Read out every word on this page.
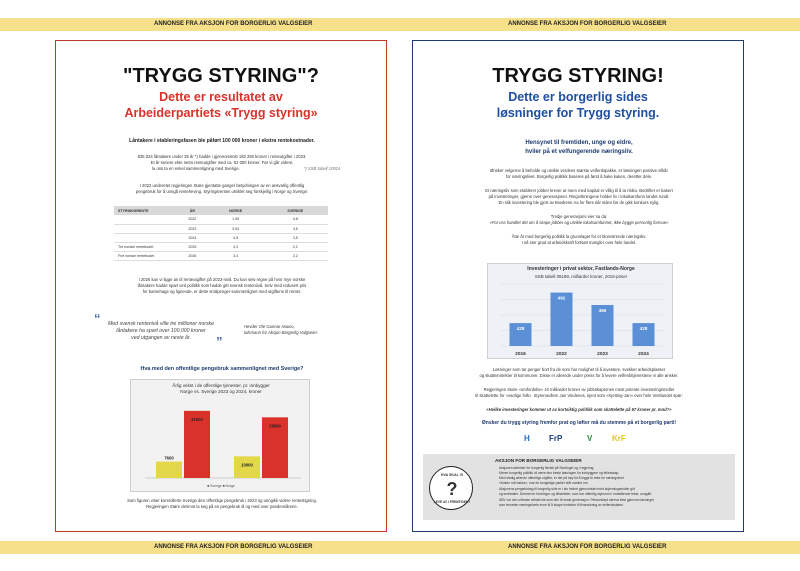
ANNONSE FRA AKSJON FOR BORGERLIG VALGSEIER	ANNONSE FRA AKSJON FOR BORGERLIG VALGSEIER
ANNONSE FRA AKSJON FOR BORGERLIG VALGSEIER	ANNONSE FRA AKSJON FOR BORGERLIG VALGSEIER
"TRYGG STYRING"?
Dette er resultatet av
Arbeiderpartiets «Trygg styring»
Låntakere i etableringsfasen ble påført 100 000 kroner i ekstra rentekostnader.
835 024 låntakere under 35 år *) hadde i gjennomsnitt 183 250 kroner i renteutgifter i 2023.
Et år senere ekte netto renteutgifter med ca. 52 000 kroner. Før vi går videre,
la oss ta en enkel sammenligning med Sverige.	*) SSB tabell 10924
I 2022 underetet regjeringen Støre gjentatte ganger betydningen av en ansvarlig offentlig
pengebruk for å unngå renteheving. Styringsrenten utviklet seg forskjellig i Norge og Sverige:
STYRINGSRENTE	ÅR	NORGE	SVERIGE
	2022	1,55	0,8
	2023	3,54	3,5
	2024	4,5	3,5
Tre norske rentebudet	2025	4,3	2,2
Fire norske rentebudet	2026	3,4	2,2
I 2026 kan vi ligge an til renteutgifter på 2023-nivå. Du kan selv regne på hvor mye norske
låntakere hadde spart ved politikk som hadde gitt svensk renteniivå. Selv med redusert pris
for barnehage og lignende, er dette småpenger sammenlignet med utgiftene til renter.
“	Med svensk rentenivå ville tre millioner norske
låntakere ha spart over 100.000 kroner
ved utgangen av neste år.	”
Hevder Ole Gunnar Hauso,
talsmann for Aksjon Borgerlig Valgseier.
Hva med den offentlige pengebruk sammenlignet med Sverige?
Årlig vekst i de offentlige tjenester, pr. innbygger
Norge vs. Sverige 2023 og 2024, kroner
7600
31000
10000
28000
■ Sverige ■ Norge
Som figuren viser kontrollerte Sverige den offentlige pengebruk i 2023 og unngikk videre rentestigning.
Regjeringen Støre derimot la seg på en pengebruk til og med over pandemiårene.
TRYGG STYRING!
Dette er borgerlig sides
løsninger for Trygg styring.
Hensynet til fremtiden, unge og eldre,
hviler på et velfungerende næringsliv.
Ønsker velgerne å beholde og utvikle verdens største velferdspakke, er løsningen positive vilkår
for næringslivet. Borgerlig politikk baseres på først å bake kaken, deretter dele.
Et næringsliv som etablerer jobber krever at noen med kapital er villig til å ta risiko. Bedrifter er basert
på investeringer, gjerne over generasjoner. Ringvirkningene holder liv i lokalsamfunn landet rundt.
En slik investering ble gjort av Brødrene Aa for flere tiår siden før de gikk konkurs nylig.
Tredje generasjons eier sa da:
«For oss handlet det om å skape jobber og utvikle lokalsamfunnet, ikke bygge personlig formue»
Åtte år med borgerlig politikk la grunnlaget for et blomstrende næringsliv.
I så stor grad at arbeidskraft fortsatt mangler over hele landet.
Investeringer i privat sektor, Fastlands-Norge
SSB tabell 09189, milliarder kroner, 2015-priser
428
2016
492
2022
466
2023
428
2024
Løsninger som tar penger bort fra de som har mulighet til å investere, svekker arbeidsplasser
og skatteinntekter til kommuner. Disse er allerede under press for å levere velferdstjenestene vi alle ønsker.
Regjeringen Støre «omfordelte» 10 milliarder kroner av jobbskapernes mest potente investeringsmidler
til skattelette for «vanlige folk». Styremedlem Jan Vindenes, kjent som «Kjetting-Jan» over hele Vestlandet spør:
«Hvilke investeringer kommer ut av kortsiktig politikk som skattelette på 57 kroner pr. mnd?»
Ønsker du trygg styring fremfor prat og løfter må du stemme på et borgerlig parti!
H FrP	V KrF
AKSJON FOR BORGERLIG VALGSEIER
Aksjonen arbeider for borgerlig flertall på Stortinget og i regjering.
Mener borgerlig politikk vil være den beste løsningen for innbyggere og fellesskap.
Med stadig økende offentlige utgifter, er det på høy tid å legge til rette for næringslivet.
«Kaken må bakes», noe de borgerlige partier står samlet om.
Aksjonens pengebidrag til borgerlig side er i sin helhet gjennomført med skjermingsmidler gitt
og innbetaler. Dermed er fordringer og tilhøriteter, som har offentlig stymonni i motstående tekst, unngått.
ABV var den ultimate velskrivde som den til neste generasjon. Pelsevskept skreva best gjennom løsninger
som trenetter næringslivets evne til å skape inntekter til finansiering av velferdsstaten.
HVA SKAL VI
?
LEVE AV I FREMTIDEN?
